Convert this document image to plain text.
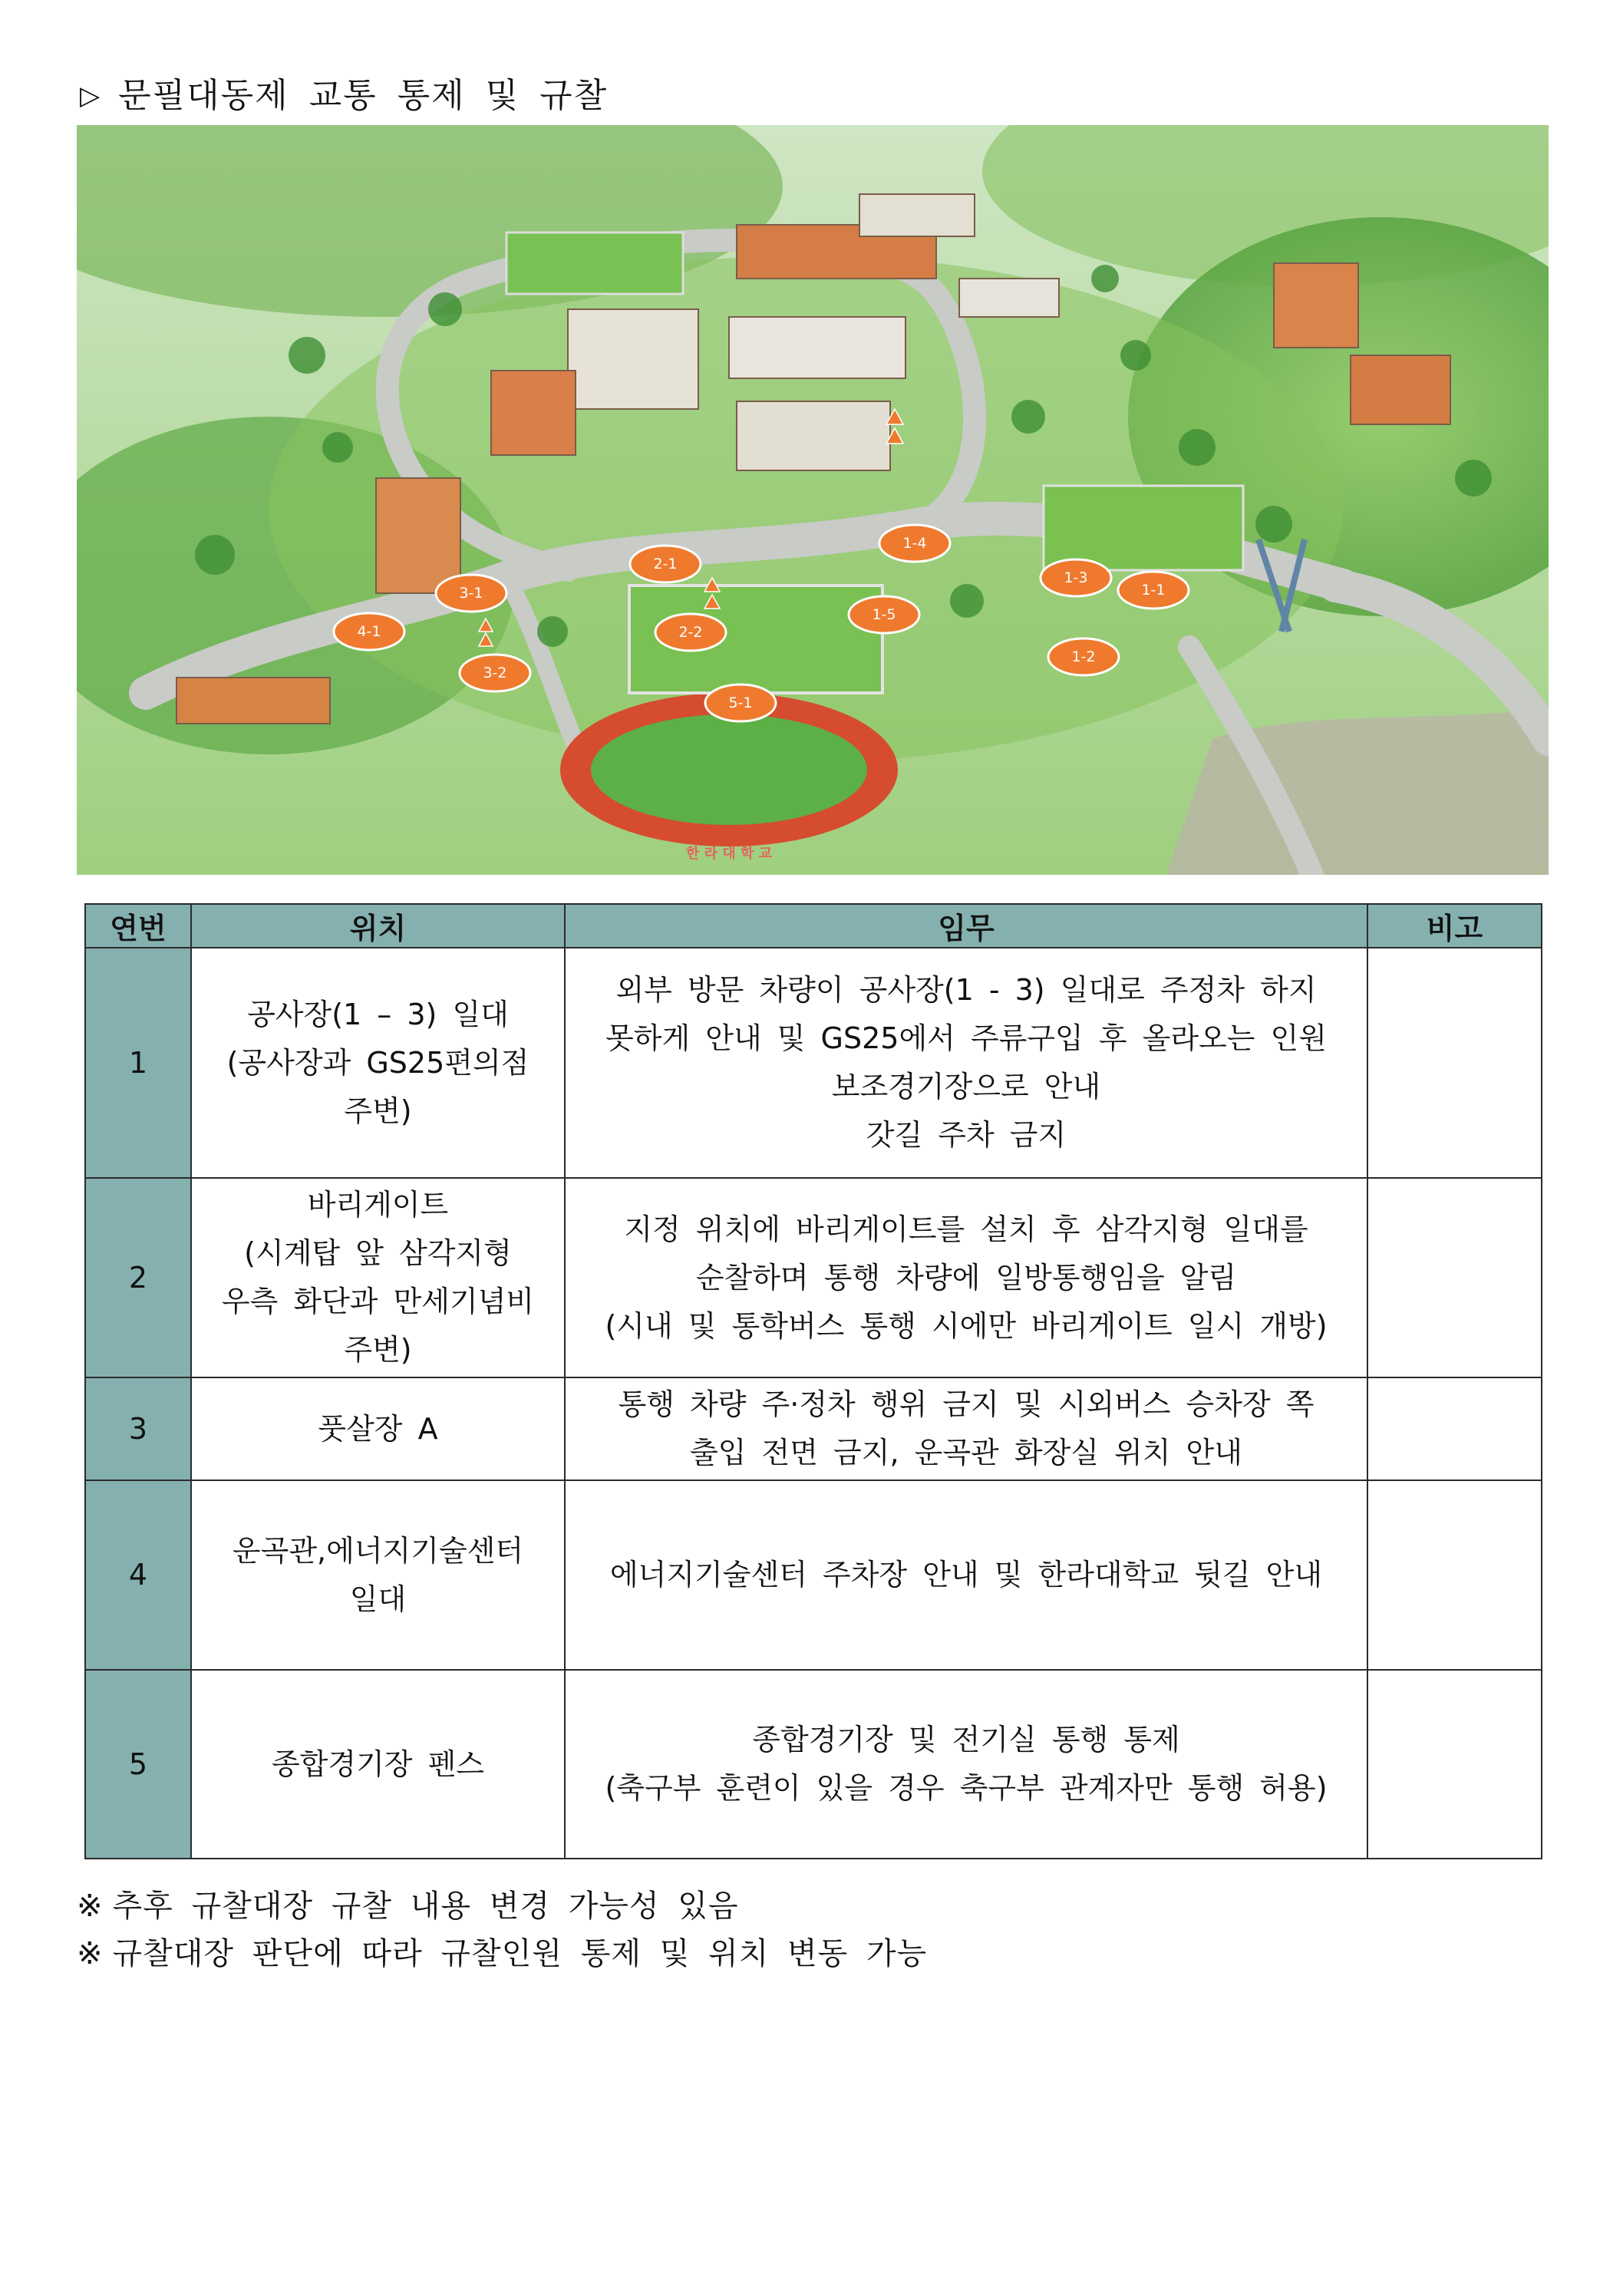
▷ 문필대동제 교통 통제 및 규찰
1-1
1-2
1-3
1-4
1-5
2-1
2-2
3-1
3-2
4-1
5-1
한 라 대 학 교
연번	위치	임무	비고
1	공사장(1 – 3) 일대
(공사장과 GS25편의점
주변)	외부 방문 차량이 공사장(1 - 3) 일대로 주정차 하지
못하게 안내 및 GS25에서 주류구입 후 올라오는 인원
보조경기장으로 안내
갓길 주차 금지	
2	바리게이트
(시계탑 앞 삼각지형
우측 화단과 만세기념비
주변)	지정 위치에 바리게이트를 설치 후 삼각지형 일대를
순찰하며 통행 차량에 일방통행임을 알림
(시내 및 통학버스 통행 시에만 바리게이트 일시 개방)	
3	풋살장 A	통행 차량 주·정차 행위 금지 및 시외버스 승차장 쪽
출입 전면 금지, 운곡관 화장실 위치 안내	
4	운곡관,에너지기술센터
일대	에너지기술센터 주차장 안내 및 한라대학교 뒷길 안내	
5	종합경기장 펜스	종합경기장 및 전기실 통행 통제
(축구부 훈련이 있을 경우 축구부 관계자만 통행 허용)	
※ 추후 규찰대장 규찰 내용 변경 가능성 있음
※ 규찰대장 판단에 따라 규찰인원 통제 및 위치 변동 가능
